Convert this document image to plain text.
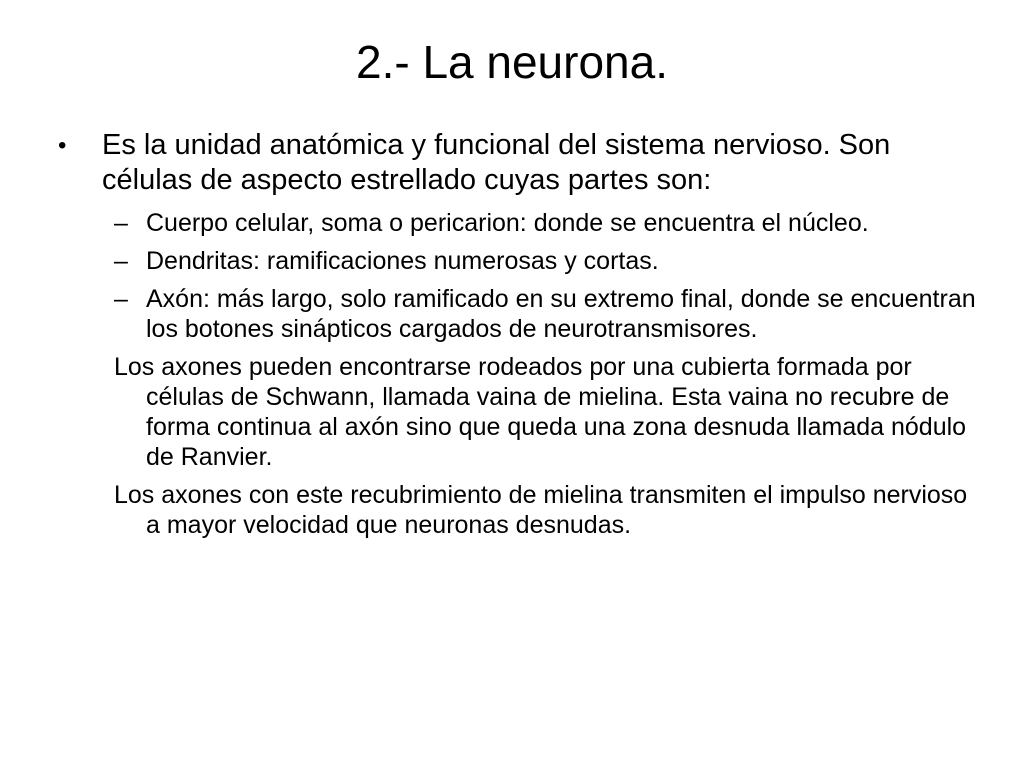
2.- La neurona.
•	Es la unidad anatómica y funcional del sistema nervioso. Son células de aspecto estrellado cuyas partes son:
– Cuerpo celular, soma o pericarion: donde se encuentra el núcleo.
– Dendritas: ramificaciones numerosas y cortas.
– Axón: más largo, solo ramificado en su extremo final, donde se encuentran los botones sinápticos cargados de neurotransmisores.

Los axones pueden encontrarse rodeados por una cubierta formada por células de Schwann, llamada vaina de mielina. Esta vaina no recubre de forma continua al axón sino que queda una zona desnuda llamada nódulo de Ranvier.

Los axones con este recubrimiento de mielina transmiten el impulso nervioso a mayor velocidad que neuronas desnudas.
